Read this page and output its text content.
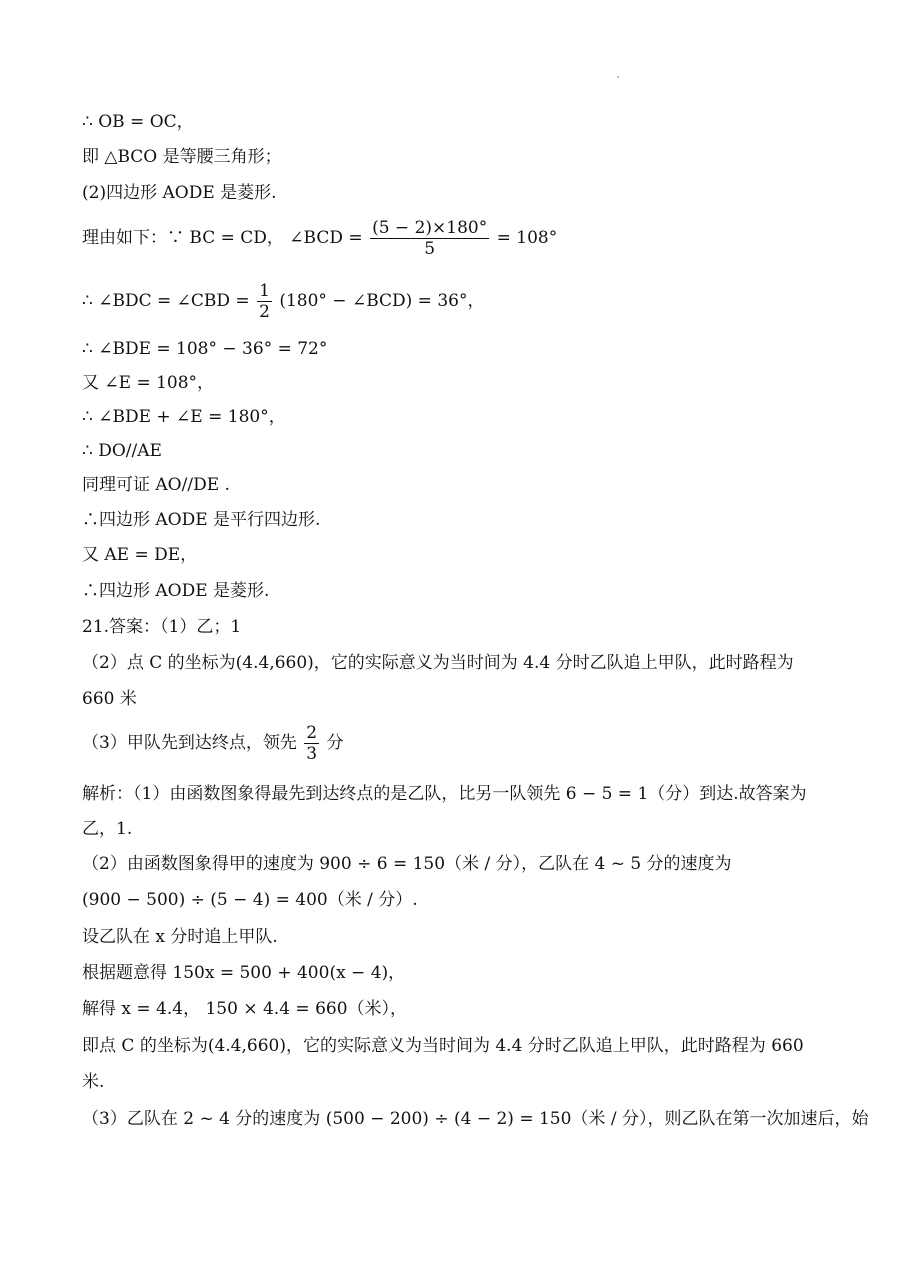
∴ OB = OC，
即 △BCO 是等腰三角形；
(2)四边形 AODE 是菱形.
理由如下：∵ BC = CD， ∠BCD = $\frac{(5 - 2)\times 180^\circ}{5} = 108^\circ$
∴ ∠BDC = ∠CBD = $\frac{1}{2} (180^\circ$ − ∠BCD) = 36°，
∴ ∠BDE = 108° − 36° = 72°
又 ∠E = 108°，
∴ ∠BDE + ∠E = 180°，
∴ DO//AE
同理可证 AO//DE .
∴四边形 AODE 是平行四边形.
又 AE = DE，
∴四边形 AODE 是菱形.
21.答案：（1）乙；1
（2）点 C 的坐标为(4.4,660)，它的实际意义为当时间为 4.4 分时乙队追上甲队，此时路程为
660 米
（3）甲队先到达终点，领先 $\frac{2}{3}$ 分
解析：（1）由函数图象得最先到达终点的是乙队，比另一队领先 6 − 5 = 1（分）到达.故答案为
乙，1.
（2）由函数图象得甲的速度为 900 ÷ 6 = 150（米 / 分），乙队在 4 ~ 5 分的速度为
(900 − 500) ÷ (5 − 4) = 400（米 / 分）.
设乙队在 x 分时追上甲队.
根据题意得 150x = 500 + 400(x − 4)，
解得 x = 4.4， 150 × 4.4 = 660（米），
即点 C 的坐标为(4.4,660)，它的实际意义为当时间为 4.4 分时乙队追上甲队，此时路程为 660
米.
（3）乙队在 2 ~ 4 分的速度为 (500 − 200) ÷ (4 − 2) = 150（米 / 分），则乙队在第一次加速后，始
